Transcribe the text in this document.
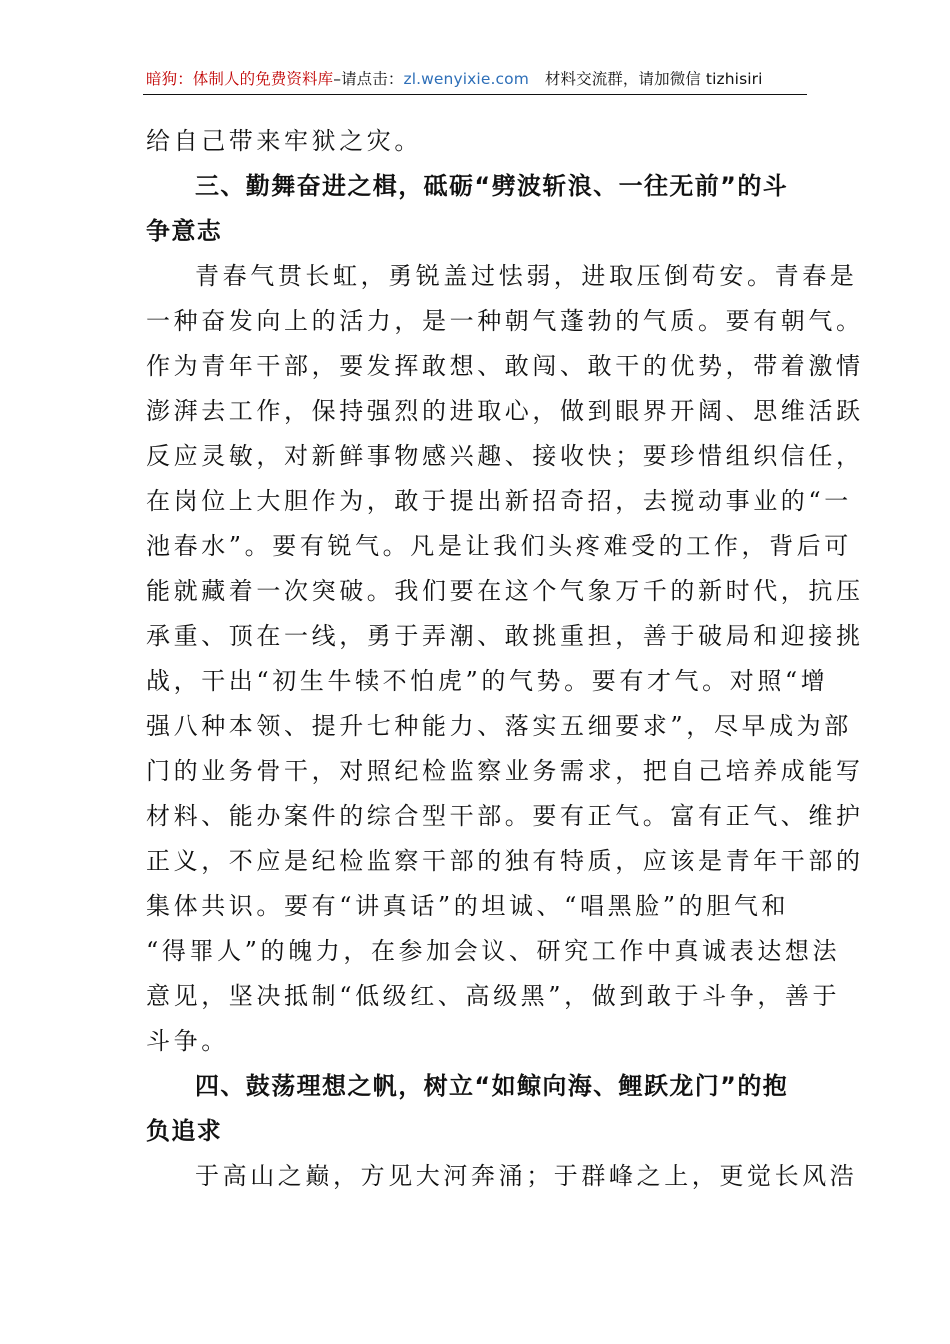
暗狗：体制人的免费资料库–请点击：zl.wenyixie.com 材料交流群，请加微信 tizhisiri
给自己带来牢狱之灾。
三、勤舞奋进之楫，砥砺“劈波斩浪、一往无前”的斗
争意志
青春气贯长虹，勇锐盖过怯弱，进取压倒苟安。青春是
一种奋发向上的活力，是一种朝气蓬勃的气质。要有朝气。
作为青年干部，要发挥敢想、敢闯、敢干的优势，带着激情
澎湃去工作，保持强烈的进取心，做到眼界开阔、思维活跃
反应灵敏，对新鲜事物感兴趣、接收快；要珍惜组织信任，
在岗位上大胆作为，敢于提出新招奇招，去搅动事业的“一
池春水”。要有锐气。凡是让我们头疼难受的工作，背后可
能就藏着一次突破。我们要在这个气象万千的新时代，抗压
承重、顶在一线，勇于弄潮、敢挑重担，善于破局和迎接挑
战，干出“初生牛犊不怕虎”的气势。要有才气。对照“增
强八种本领、提升七种能力、落实五细要求”，尽早成为部
门的业务骨干，对照纪检监察业务需求，把自己培养成能写
材料、能办案件的综合型干部。要有正气。富有正气、维护
正义，不应是纪检监察干部的独有特质，应该是青年干部的
集体共识。要有“讲真话”的坦诚、“唱黑脸”的胆气和
“得罪人”的魄力，在参加会议、研究工作中真诚表达想法
意见，坚决抵制“低级红、高级黑”，做到敢于斗争，善于
斗争。
四、鼓荡理想之帆，树立“如鲸向海、鲤跃龙门”的抱
负追求
于高山之巅，方见大河奔涌；于群峰之上，更觉长风浩
